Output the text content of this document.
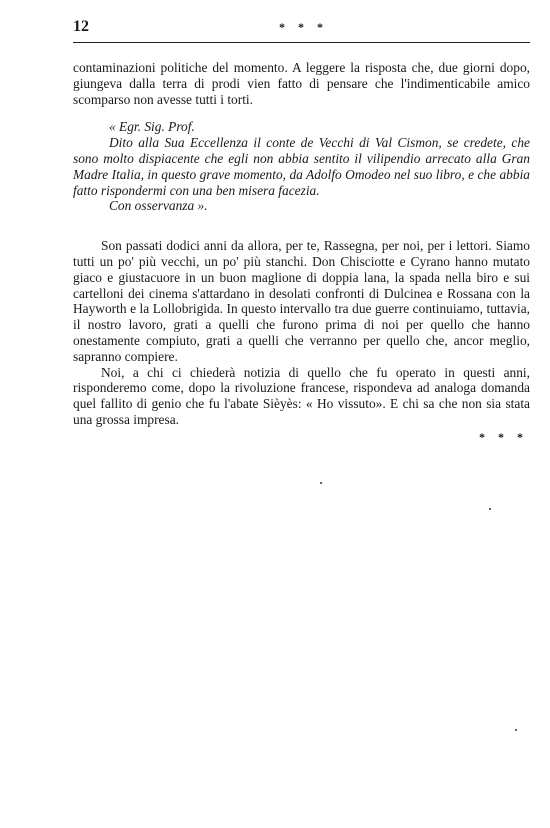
12	* * *

contaminazioni politiche del momento. A leggere la risposta che, due giorni dopo, giungeva dalla terra di prodi vien fatto di pensare che l'indimenticabile amico scomparso non avesse tutti i torti.

« Egr. Sig. Prof.

Dito alla Sua Eccellenza il conte de Vecchi di Val Cismon, se credete, che sono molto dispiacente che egli non abbia sentito il vilipendio arrecato alla Gran Madre Italia, in questo grave momento, da Adolfo Omodeo nel suo libro, e che abbia fatto rispondermi con una ben misera facezia.

Con osservanza ».

Son passati dodici anni da allora, per te, Rassegna, per noi, per i lettori. Siamo tutti un po' più vecchi, un po' più stanchi. Don Chisciotte e Cyrano hanno mutato giaco e giustacuore in un buon maglione di doppia lana, la spada nella biro e sui cartelloni dei cinema s'attardano in desolati confronti di Dulcinea e Rossana con la Hayworth e la Lollobrigida. In questo intervallo tra due guerre continuiamo, tuttavia, il nostro lavoro, grati a quelli che furono prima di noi per quello che hanno onestamente compiuto, grati a quelli che verranno per quello che, ancor meglio, sapranno compiere.

Noi, a chi ci chiederà notizia di quello che fu operato in questi anni, risponderemo come, dopo la rivoluzione francese, rispondeva ad analoga domanda quel fallito di genio che fu l'abate Sièyès: « Ho vissuto». E chi sa che non sia stata una grossa impresa.

* * *
